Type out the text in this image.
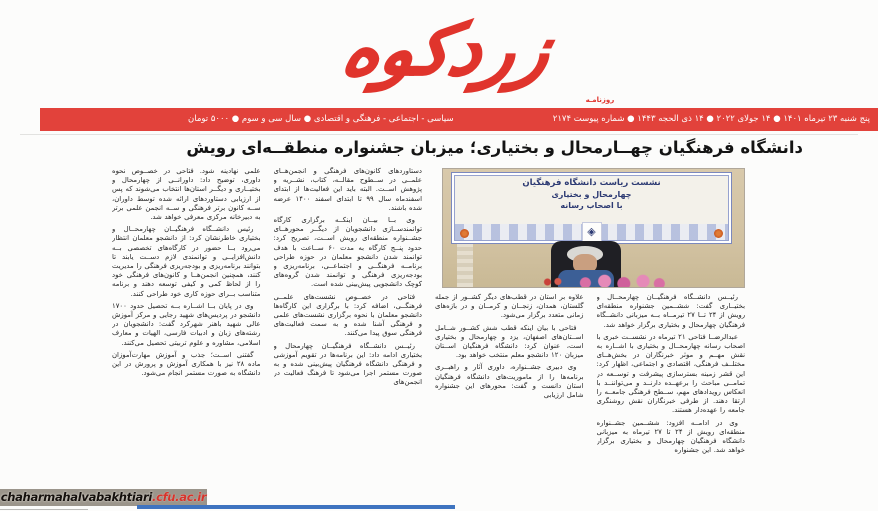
زردکوه
روزنامـه
پنج شنبه ۲۳ تیرماه ۱۴۰۱ ● ۱۴ جولای ۲۰۲۲ ● ۱۴ ذی الحجه ۱۴۴۳ ● شماره پیوست ۲۱۷۴
سیاسی - اجتماعی - فرهنگی و اقتصادی ● سال سی و سوم ● ۵۰۰۰ تومان
دانشگاه فرهنگیان چهــارمحال و بختیاری؛ میزبان جشنواره منطقــه‌ای رویش
نشست ریاست دانشگاه فرهنگیان
چهارمحال و بختیاری
با اصحاب رسانه
◈

رئیــس دانشــگاه فرهنگیــان چهارمحــال و بختیــاری گفت: ششــمین جشنواره منطقه‌ای رویش از ۲۴ تــا ۲۷ تیرمــاه بــه میزبانی دانشــگاه فرهنگیان چهارمحال و بختیاری برگزار خواهد شد.

عبدالرضــا فتاحی ۲۱ تیرماه در نشســت خبری با اصحاب رسانه چهارمحــال و بختیاری با اشــاره به نقش مهــم و موثر خبرنگاران در بخش‌هــای مختلــف فرهنگی، اقتصادی و اجتماعی، اظهار کرد: این قشر زمینه بسترسازی پیشرفت و توســعه در تمامــی مباحث را برعهــده دارنــد و می‌تواننــد با انعکاس رویدادهای مهم، ســطح فرهنگی جامعــه را ارتقا دهند. از طرفی خبرنگاران نقش روشنگری جامعه را عهده‌دار هستند.

وی در ادامــه افزود: ششــمین جشــنواره منطقه‌ای رویش از ۲۴ تا ۲۷ تیرماه به میزبانی دانشگاه فرهنگیان چهارمحال و بختیاری برگزار خواهد شد. این جشنواره

علاوه بر استان در قطب‌های دیگر کشــور از جمله گلستان، همدان، زنجــان و کرمــان و در بازه‌های زمانی متعدد برگزار می‌شود.

فتاحی با بیان اینکه قطب شش کشــور شــامل اســتان‌های اصفهان، یزد و چهارمحال و بختیاری است، عنوان کرد: دانشگاه فرهنگیان اســتان میزبان ۱۲۰ دانشجو معلم منتخب خواهد بود.

وی دبیری جشــنواره، داوری آثار و راهبــری برنامه‌ها را از ماموریت‌های دانشگاه فرهنگیان استان دانست و گفت: محورهای این جشنواره شامل ارزیابی

دستاوردهای کانون‌های فرهنگی و انجمن‌هــای علمــی در ســطوح مقالــه، کتاب، نشــریه و پژوهش اســت. البته باید این فعالیت‌ها از ابتدای اسفندماه سال ۹۹ تا ابتدای اسفند ۱۴۰۰ عرضه شده باشند.

وی بــا بیــان اینکــه برگزاری کارگاه توانمندســازی دانشجویان از دیگــر محورهــای جشــنواره منطقه‌ای رویش اســت، تصریح کرد: حدود پنــج کارگاه به مدت ۶۰ ســاعت با هدف توانمند شدن دانشجو معلمان در حوزه طراحی برنامــه فرهنگــی و اجتماعــی، برنامه‌ریزی و بودجه‌ریزی فرهنگی و توانمند شدن گروه‌های کوچک دانشجویی پیش‌بینی شده است.

فتاحی در خصــوص نشست‌های علمــی فرهنگــی، اضافه کرد: با برگزاری این کارگاه‌ها دانشجو معلمان با نحوه برگزاری نشست‌های علمی و فرهنگی آشنا شده و به سمت فعالیت‌های فرهنگی سوق پیدا می‌کنند.

رئیــس دانشــگاه فرهنگیــان چهارمحال و بختیاری ادامه داد: این برنامه‌ها در تقویم آموزشی و فرهنگی دانشگاه فرهنگیان پیش‌بینی شده و به صورت مستمر اجرا می‌شود تا فرهنگ فعالیت در انجمن‌های

علمی نهادینه شود. فتاحی در خصــوص نحوه داوری، توضیح داد: داورانــی از چهارمحال و بختیــاری و دیگــر استان‌ها انتخاب می‌شوند که پس از ارزیابی دستاوردهای ارائه شده توسط داوران، ســه کانون برتر فرهنگی و ســه انجمن علمی برتر به دبیرخانه مرکزی معرفی خواهد شد.

رئیس دانشــگاه فرهنگیــان چهارمحــال و بختیاری خاطرنشان کرد: از دانشجو معلمان انتظار می‌رود بــا حضور در کارگاه‌های تخصصی بــه دانش‌افزایــی و توانمندی لازم دســت یابند تا بتوانند برنامه‌ریزی و بودجه‌ریزی فرهنگی را مدیریت کنند، همچنین انجمن‌هــا و کانون‌های فرهنگی خود را از لحاظ کمی و کیفی توسعه دهند و برنامه متناسب بــرای حوزه کاری خود طراحی کنند.

وی در پایان بــا اشــاره بــه تحصیل حدود ۱۷۰۰ دانشجو در پردیس‌های شهید رجایی و مرکز آموزش عالی شهید باهنر شهرکرد گفت: دانشجویان در رشته‌های زبان و ادبیات فارسی، الهیات و معارف اسلامی، مشاوره و علوم تربیتی تحصیل می‌کنند.

گفتنی اســت؛ جذب و آموزش مهارت‌آموزان ماده ۲۸ نیز با همکاری آموزش و پرورش در این دانشگاه به صورت مستمر انجام می‌شود.

chaharmahalvabakhtiari.cfu.ac.ir
